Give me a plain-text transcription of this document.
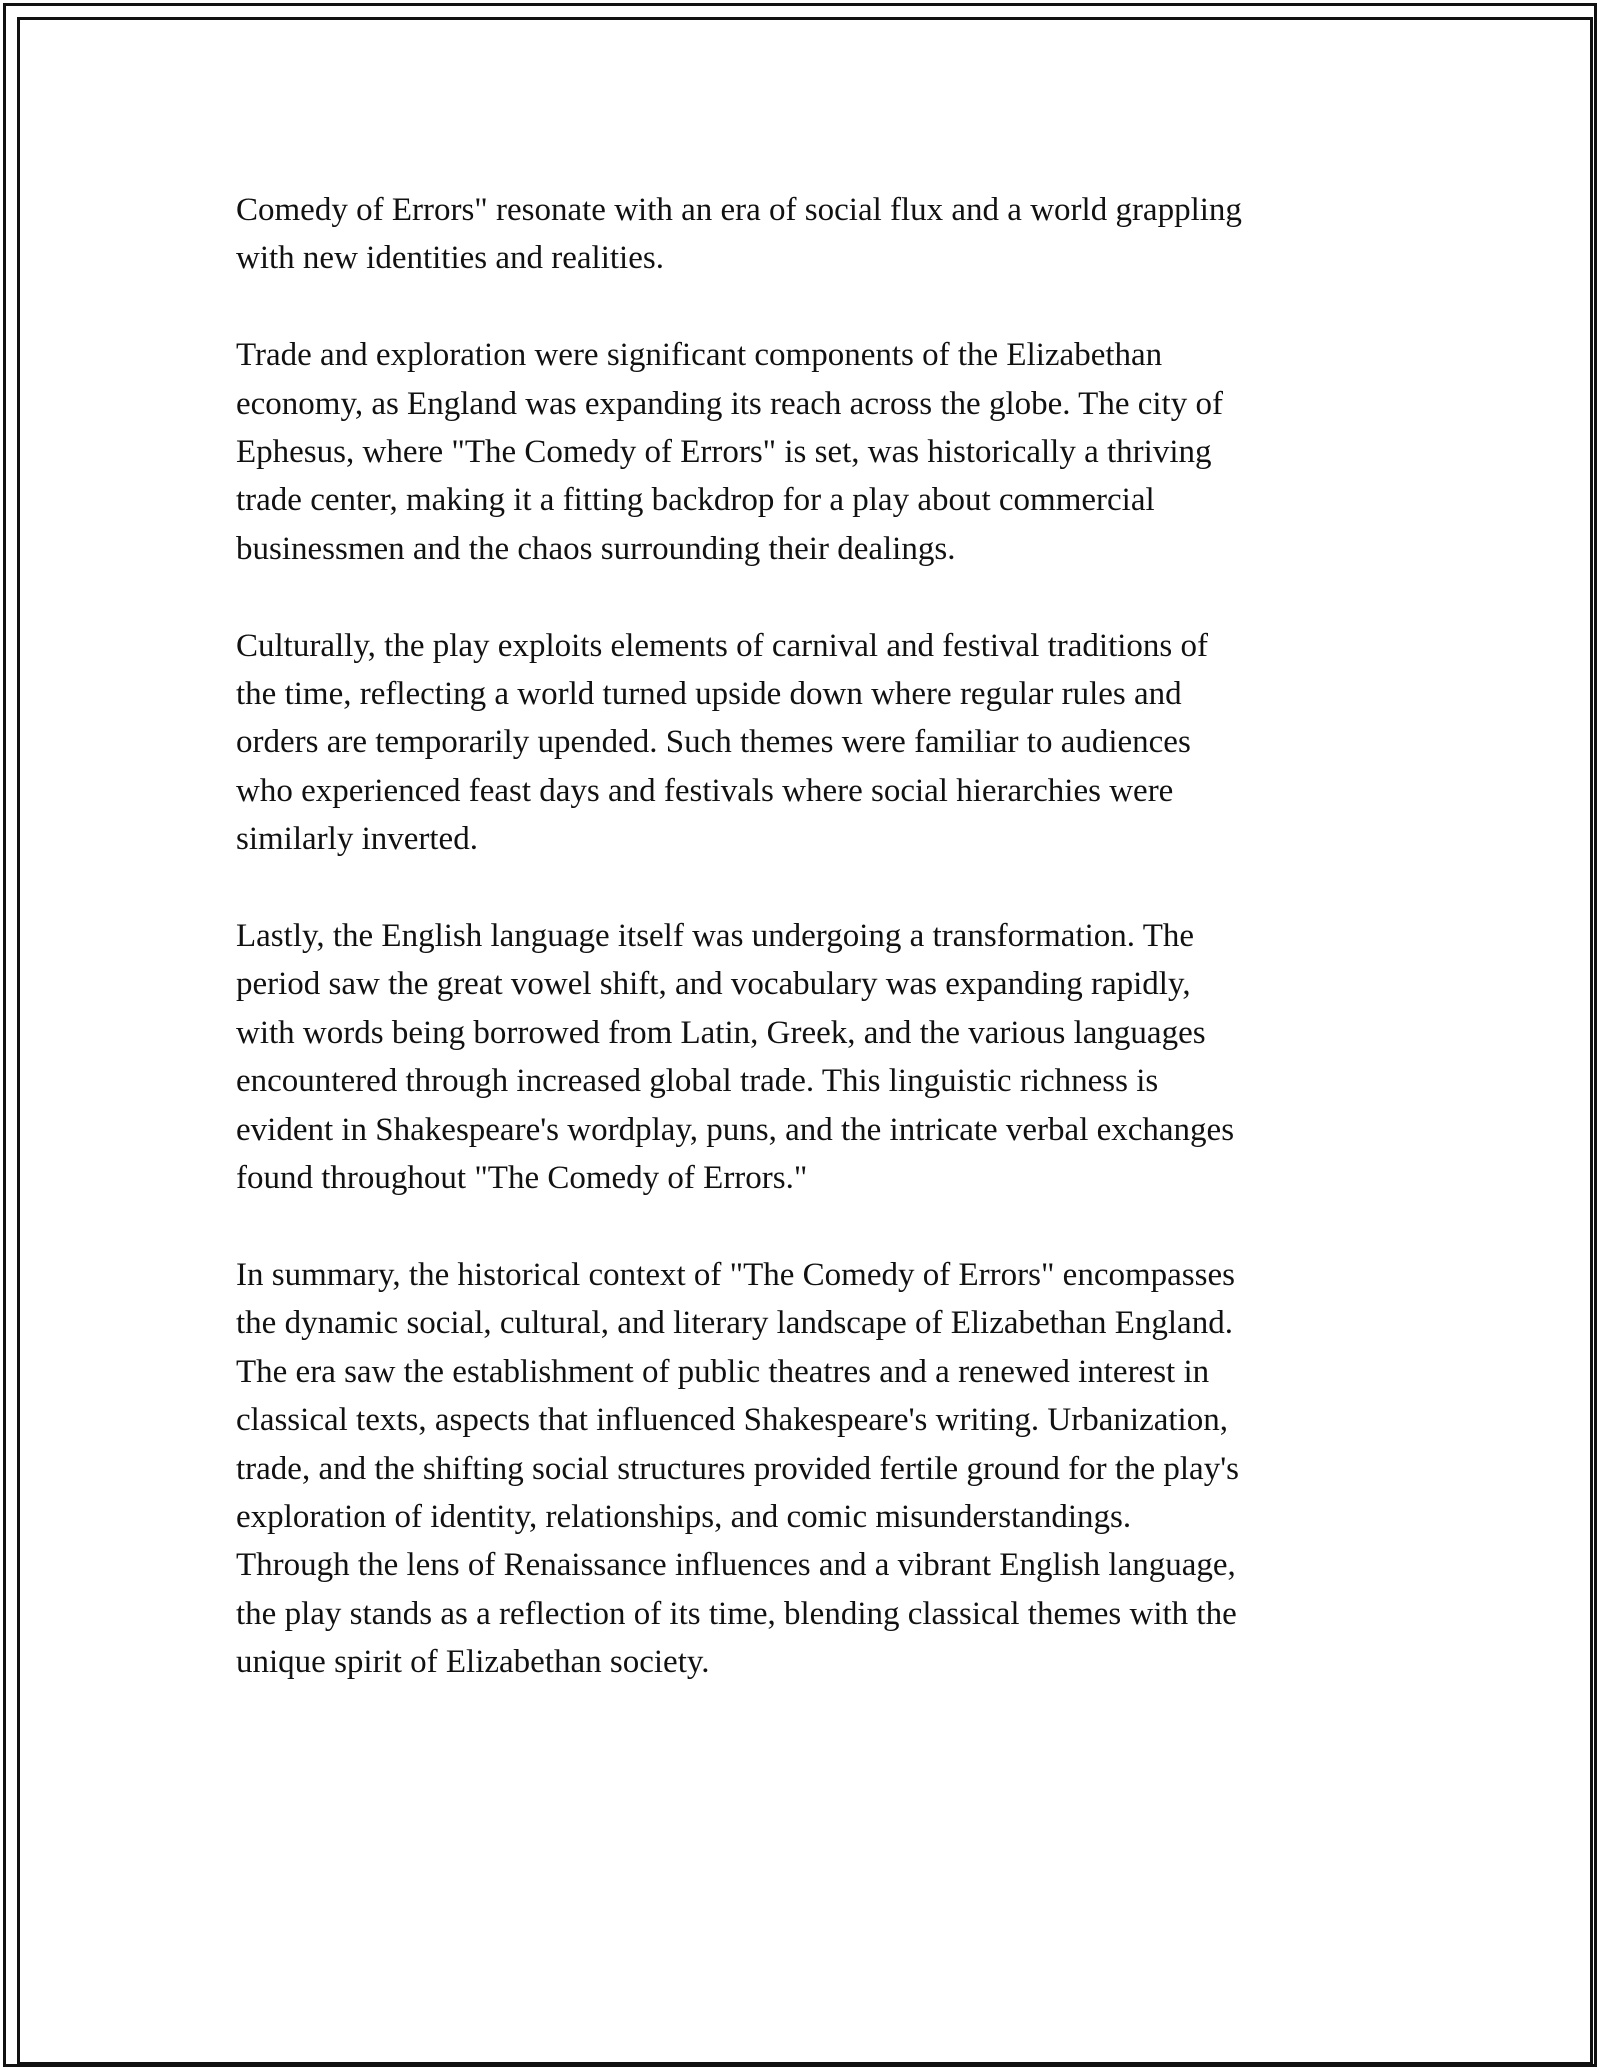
Comedy of Errors" resonate with an era of social flux and a world grappling
with new identities and realities.

Trade and exploration were significant components of the Elizabethan
economy, as England was expanding its reach across the globe. The city of
Ephesus, where "The Comedy of Errors" is set, was historically a thriving
trade center, making it a fitting backdrop for a play about commercial
businessmen and the chaos surrounding their dealings.

Culturally, the play exploits elements of carnival and festival traditions of
the time, reflecting a world turned upside down where regular rules and
orders are temporarily upended. Such themes were familiar to audiences
who experienced feast days and festivals where social hierarchies were
similarly inverted.

Lastly, the English language itself was undergoing a transformation. The
period saw the great vowel shift, and vocabulary was expanding rapidly,
with words being borrowed from Latin, Greek, and the various languages
encountered through increased global trade. This linguistic richness is
evident in Shakespeare's wordplay, puns, and the intricate verbal exchanges
found throughout "The Comedy of Errors."

In summary, the historical context of "The Comedy of Errors" encompasses
the dynamic social, cultural, and literary landscape of Elizabethan England.
The era saw the establishment of public theatres and a renewed interest in
classical texts, aspects that influenced Shakespeare's writing. Urbanization,
trade, and the shifting social structures provided fertile ground for the play's
exploration of identity, relationships, and comic misunderstandings.
Through the lens of Renaissance influences and a vibrant English language,
the play stands as a reflection of its time, blending classical themes with the
unique spirit of Elizabethan society.
